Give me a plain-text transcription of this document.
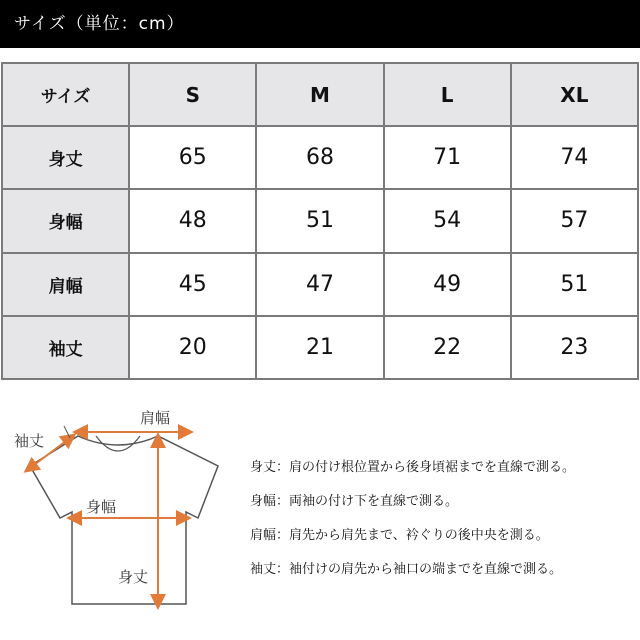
サイズ（単位：cm）
サイズ	S	M	L	XL
身丈	65	68	71	74
身幅	48	51	54	57
肩幅	45	47	49	51
袖丈	20	21	22	23
肩幅
袖丈
身幅
身丈
身丈：肩の付け根位置から後身頃裾までを直線で測る。
身幅：両袖の付け下を直線で測る。
肩幅：肩先から肩先まで、衿ぐりの後中央を測る。
袖丈：袖付けの肩先から袖口の端までを直線で測る。
